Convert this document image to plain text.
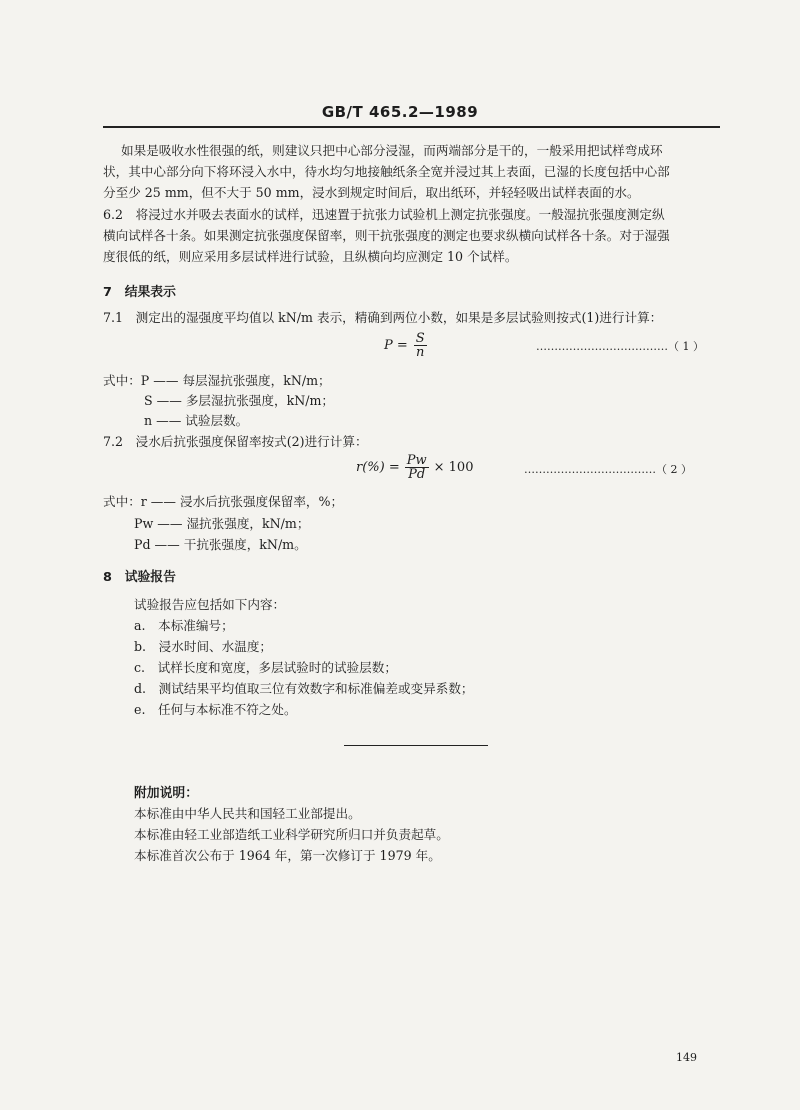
GB/T 465.2—1989
如果是吸收水性很强的纸，则建议只把中心部分浸湿，而两端部分是干的，一般采用把试样弯成环
状，其中心部分向下将环浸入水中，待水均匀地接触纸条全宽并浸过其上表面，已湿的长度包括中心部
分至少 25 mm，但不大于 50 mm，浸水到规定时间后，取出纸环，并轻轻吸出试样表面的水。
6.2　将浸过水并吸去表面水的试样，迅速置于抗张力试验机上测定抗张强度。一般湿抗张强度测定纵
横向试样各十条。如果测定抗张强度保留率，则干抗张强度的测定也要求纵横向试样各十条。对于湿强
度很低的纸，则应采用多层试样进行试验，且纵横向均应测定 10 个试样。
7　结果表示
7.1　测定出的湿强度平均值以 kN/m 表示，精确到两位小数，如果是多层试验则按式(1)进行计算：
$P = \frac{S}{n}$	………………………………（ 1 ）
式中：P —— 每层湿抗张强度，kN/m；
S —— 多层湿抗张强度，kN/m；
n —— 试验层数。
7.2　浸水后抗张强度保留率按式(2)进行计算：
$r(\%) = \frac{Pw}{Pd} \times 100$	………………………………（ 2 ）
式中：r —— 浸水后抗张强度保留率，%；
Pw —— 湿抗张强度，kN/m；
Pd —— 干抗张强度，kN/m。
8　试验报告
试验报告应包括如下内容：
a.　本标准编号；
b.　浸水时间、水温度；
c.　试样长度和宽度，多层试验时的试验层数；
d.　测试结果平均值取三位有效数字和标准偏差或变异系数；
e.　任何与本标准不符之处。
附加说明：
本标准由中华人民共和国轻工业部提出。
本标准由轻工业部造纸工业科学研究所归口并负责起草。
本标准首次公布于 1964 年，第一次修订于 1979 年。
149
